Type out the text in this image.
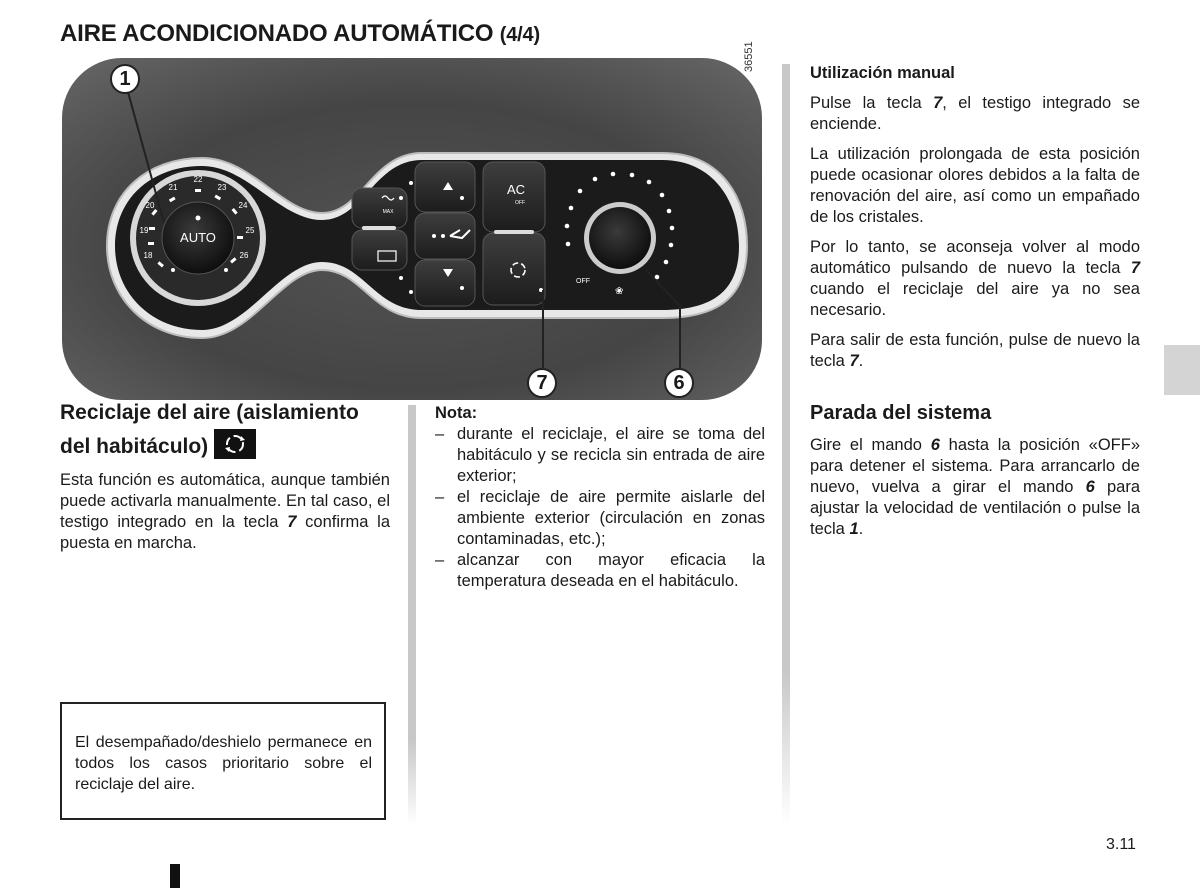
AIRE ACONDICIONADO AUTOMÁTICO (4/4)
AUTO
19
20
21
22
23
24
25
26
18
AC
OFF
MAX
OFF
❀
36551
1
7	6
Reciclaje del aire (aislamiento
del habitáculo)

Esta función es automática, aunque también puede activarla manualmente. En tal caso, el testigo integrado en la tecla 7 confirma la puesta en marcha.

El desempañado/deshielo permanece en todos los casos prioritario sobre el reciclaje del aire.

Nota:

– durante el reciclaje, el aire se toma del habitáculo y se recicla sin entrada de aire exterior;
– el reciclaje de aire permite aislarle del ambiente exterior (circulación en zonas contaminadas, etc.);
– alcanzar con mayor eficacia la temperatura deseada en el habitáculo.

Utilización manual

Pulse la tecla 7, el testigo integrado se enciende.

La utilización prolongada de esta posición puede ocasionar olores debidos a la falta de renovación del aire, así como un empañado de los cristales.

Por lo tanto, se aconseja volver al modo automático pulsando de nuevo la tecla 7 cuando el reciclaje del aire ya no sea necesario.

Para salir de esta función, pulse de nuevo la tecla 7.

Parada del sistema

Gire el mando 6 hasta la posición «OFF» para detener el sistema. Para arrancarlo de nuevo, vuelva a girar el mando 6 para ajustar la velocidad de ventilación o pulse la tecla 1.

3.11
